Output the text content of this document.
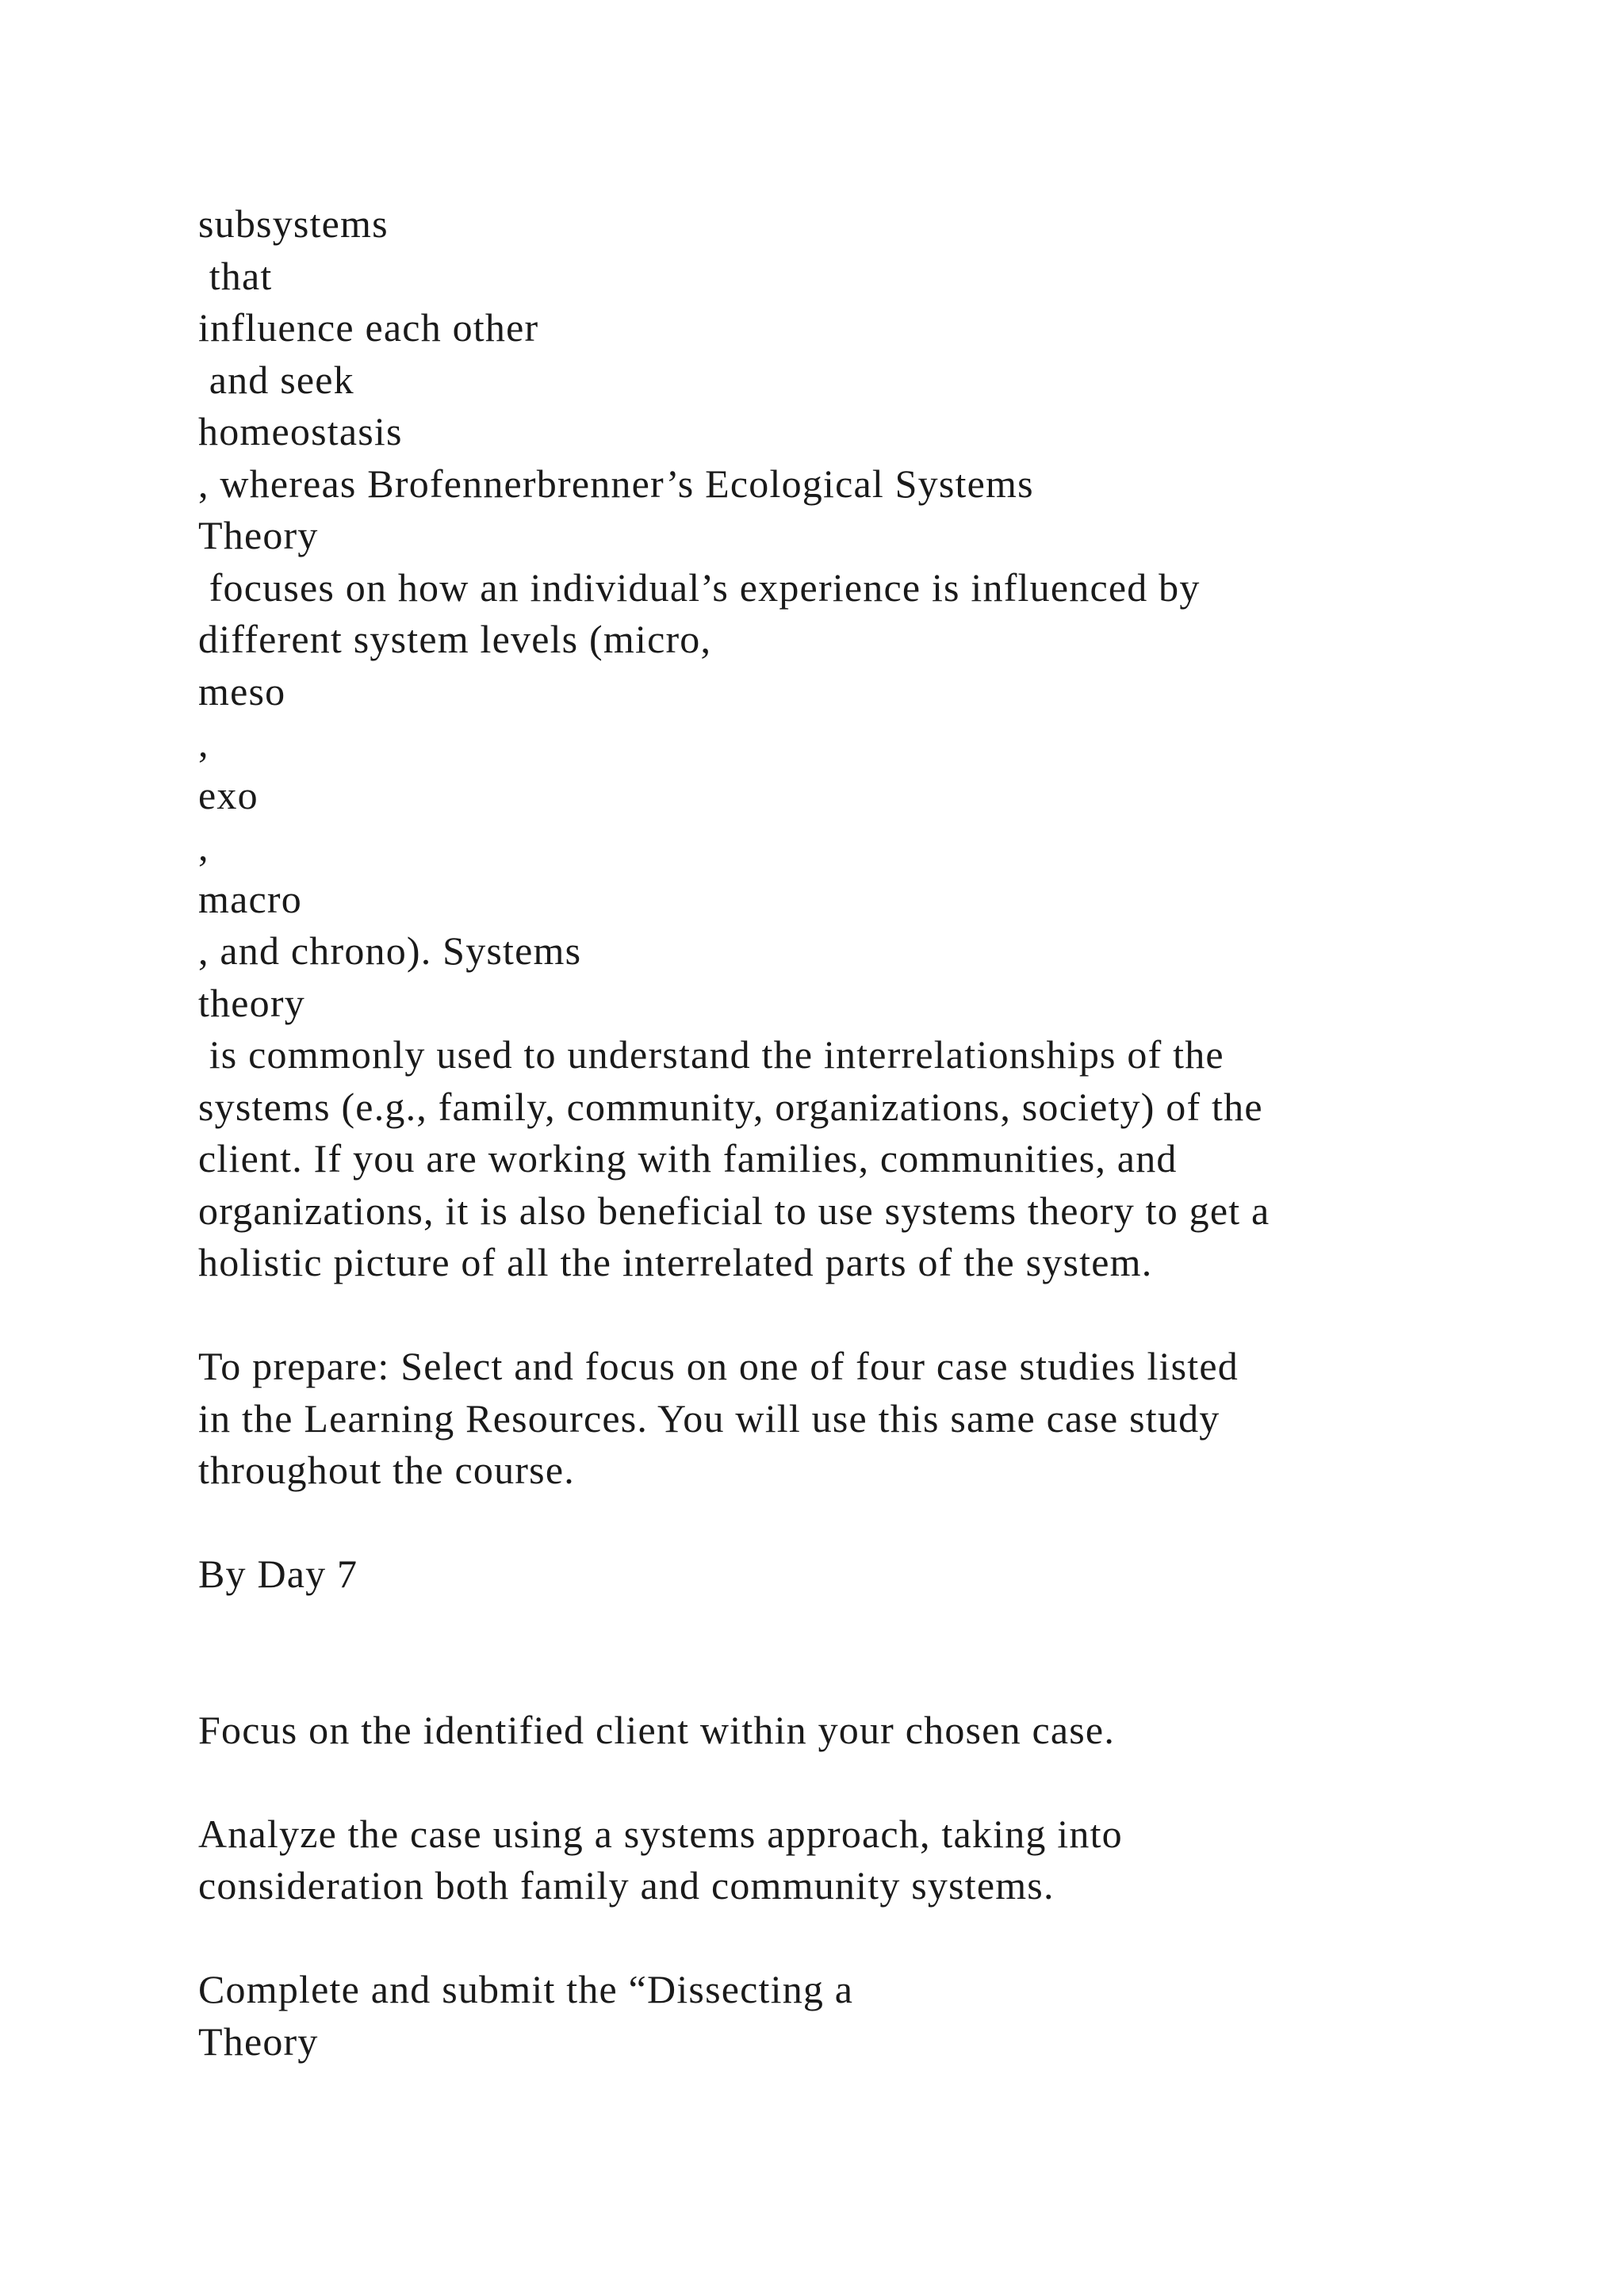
subsystems
that
influence each other
and seek
homeostasis
, whereas Brofennerbrenner’s Ecological Systems
Theory
focuses on how an individual’s experience is influenced by
different system levels (micro,
meso
,
exo
,
macro
, and chrono). Systems
theory
is commonly used to understand the interrelationships of the
systems (e.g., family, community, organizations, society) of the
client. If you are working with families, communities, and
organizations, it is also beneficial to use systems theory to get a
holistic picture of all the interrelated parts of the system.
To prepare: Select and focus on one of four case studies listed
in the Learning Resources. You will use this same case study
throughout the course.
By Day 7
Focus on the identified client within your chosen case.
Analyze the case using a systems approach, taking into
consideration both family and community systems.
Complete and submit the “Dissecting a
Theory
